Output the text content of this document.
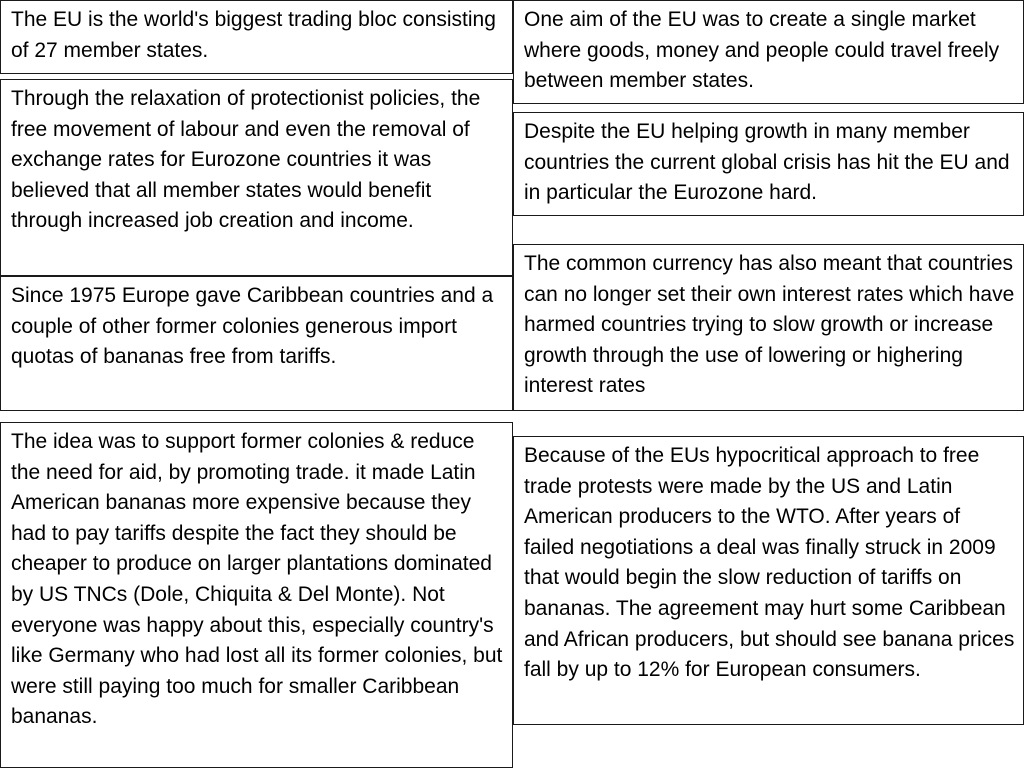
The EU is the world's biggest trading bloc consisting of 27 member states.
One aim of the EU was to create a single market where goods, money and people could travel freely between member states.
Through the relaxation of protectionist policies, the free movement of labour and even the removal of exchange rates for Eurozone countries it was believed that all member states would benefit through increased job creation and income.
Despite the EU helping growth in many member countries the current global crisis has hit the EU and in particular the Eurozone hard.
The common currency has also meant that countries can no longer set their own interest rates which have harmed countries trying to slow growth or increase growth through the use of lowering or highering interest rates
Since 1975 Europe gave Caribbean countries and a couple of other former colonies generous import quotas of bananas free from tariffs.
The idea was to support former colonies & reduce the need for aid, by promoting trade. it made Latin American bananas more expensive because they had to pay tariffs despite the fact they should be cheaper to produce on larger plantations dominated by US TNCs (Dole, Chiquita & Del Monte). Not everyone was happy about this, especially country's like Germany who had lost all its former colonies, but were still paying too much for smaller Caribbean bananas.
Because of the EUs hypocritical approach to free trade protests were made by the US and Latin American producers to the WTO. After years of failed negotiations a deal was finally struck in 2009 that would begin the slow reduction of tariffs on bananas. The agreement may hurt some Caribbean and African producers, but should see banana prices fall by up to 12% for European consumers.
